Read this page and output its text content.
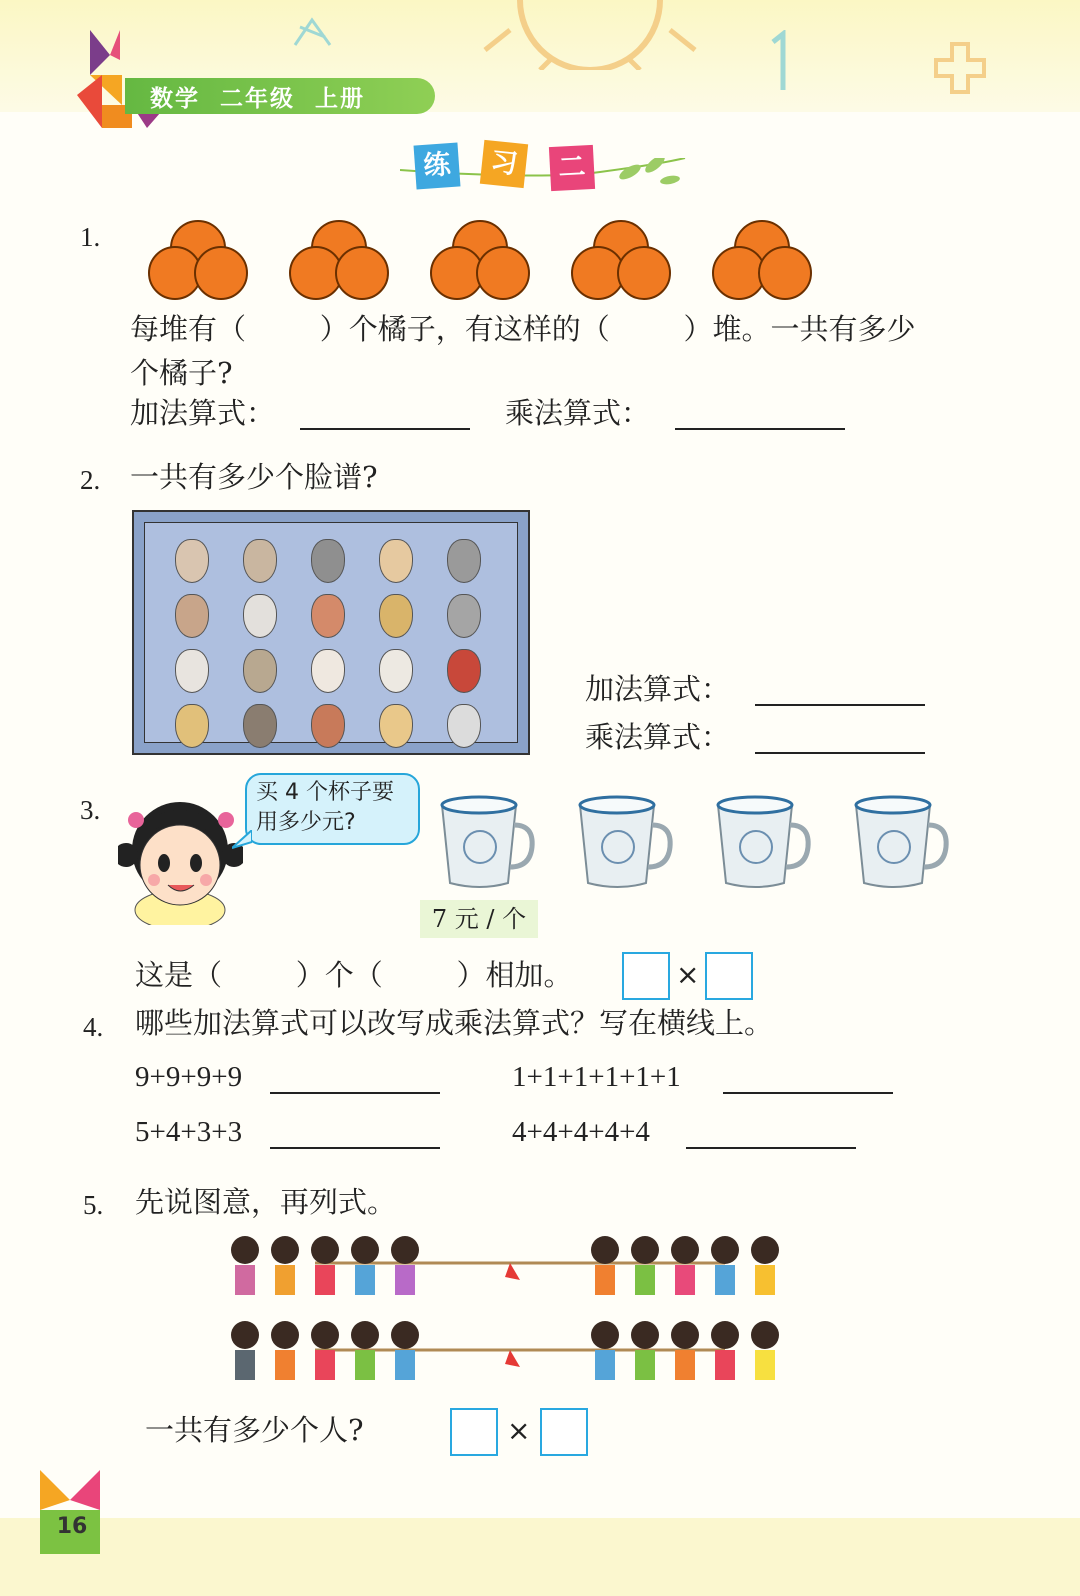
数学  二年级  上册
练	习	二
1.
每堆有（        ）个橘子，有这样的（        ）堆。一共有多少
个橘子?
加法算式：	乘法算式：
2. 一共有多少个脸谱?
加法算式：
乘法算式：
3.
买 4 个杯子要
用多少元?
7 元 / 个
这是（        ）个（        ）相加。	×
4. 哪些加法算式可以改写成乘法算式？写在横线上。
9+9+9+9	1+1+1+1+1+1
5+4+3+3	4+4+4+4+4
5. 先说图意，再列式。
一共有多少个人?	×
16
